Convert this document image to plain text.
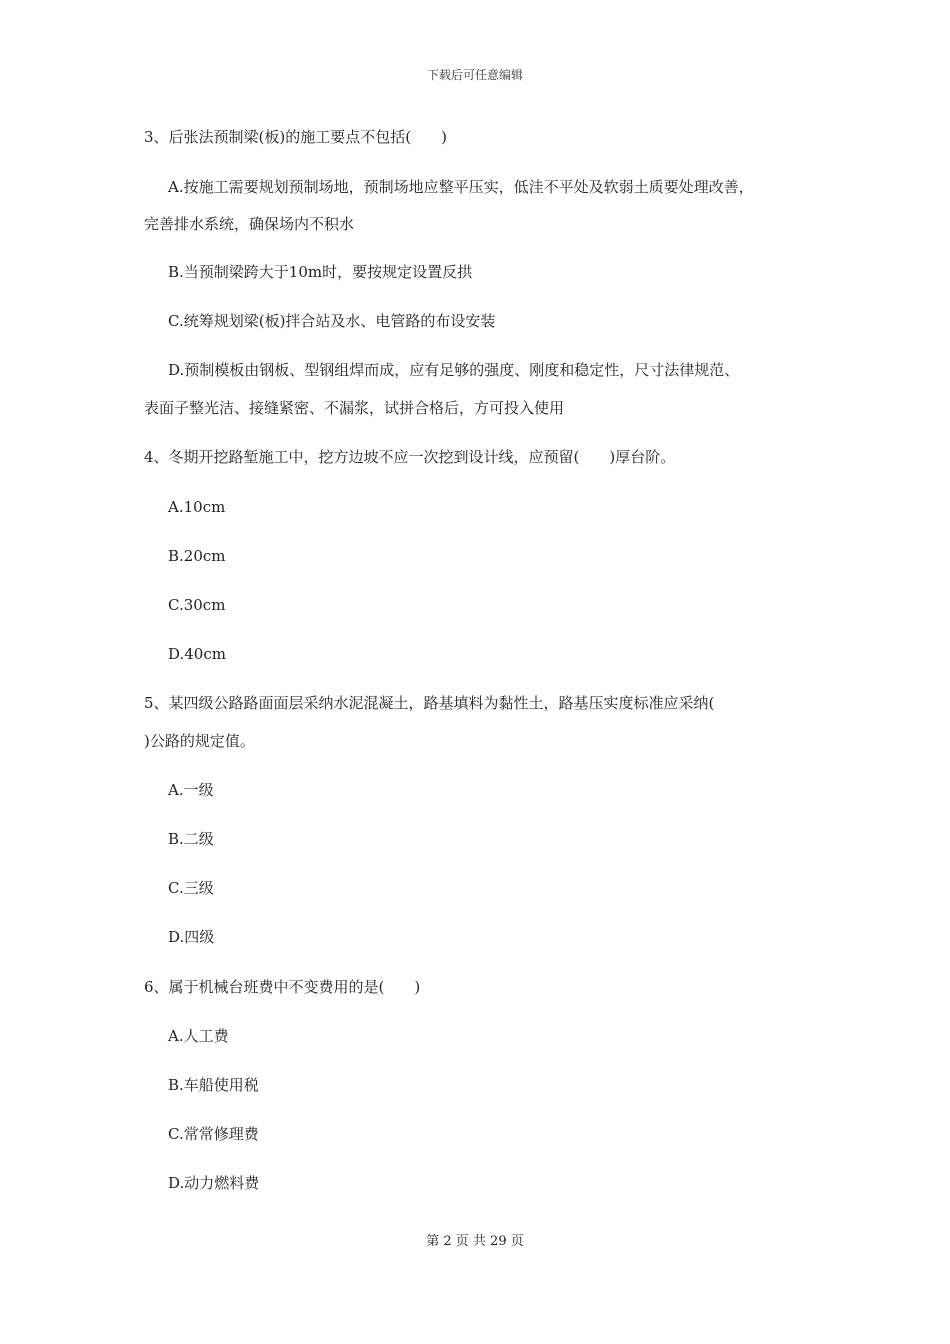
下载后可任意编辑
3、后张法预制梁(板)的施工要点不包括(　　)
A.按施工需要规划预制场地，预制场地应整平压实，低洼不平处及软弱土质要处理改善，
完善排水系统，确保场内不积水
B.当预制梁跨大于10m时，要按规定设置反拱
C.统筹规划梁(板)拌合站及水、电管路的布设安装
D.预制模板由钢板、型钢组焊而成，应有足够的强度、刚度和稳定性，尺寸法律规范、
表面子整光洁、接缝紧密、不漏浆，试拼合格后，方可投入使用
4、冬期开挖路堑施工中，挖方边坡不应一次挖到设计线，应预留(　　)厚台阶。
A.10cm
B.20cm
C.30cm
D.40cm
5、某四级公路路面面层采纳水泥混凝土，路基填料为黏性土，路基压实度标准应采纳(
)公路的规定值。
A.一级
B.二级
C.三级
D.四级
6、属于机械台班费中不变费用的是(　　)
A.人工费
B.车船使用税
C.常常修理费
D.动力燃料费
第 2 页 共 29 页
